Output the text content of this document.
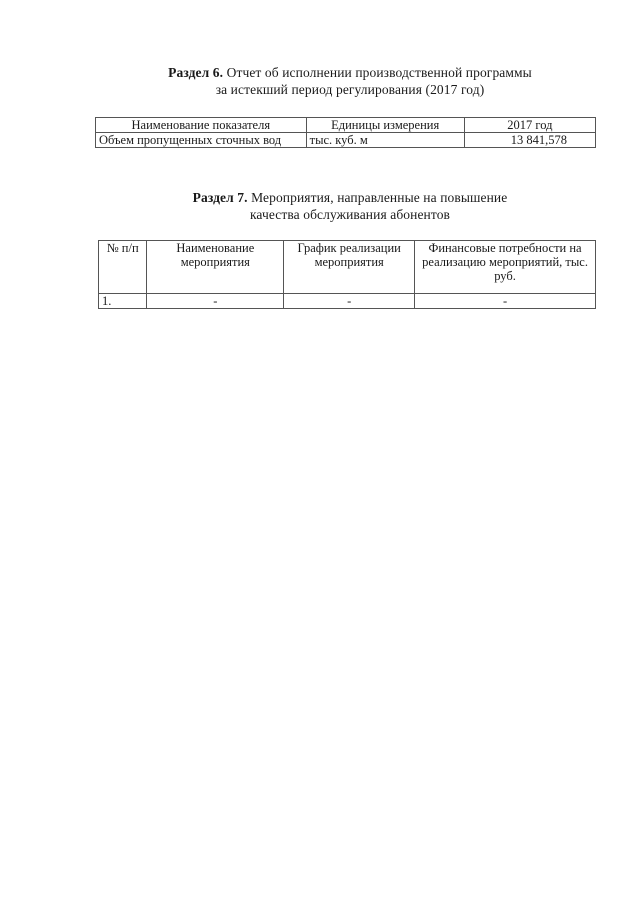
Раздел 6. Отчет об исполнении производственной программы
за истекший период регулирования (2017 год)
Наименование показателя	Единицы измерения	2017 год
Объем пропущенных сточных вод	тыс. куб. м	13 841,578
Раздел 7. Мероприятия, направленные на повышение
качества обслуживания абонентов
№ п/п	Наименование мероприятия	График реализации мероприятия	Финансовые потребности на реализацию мероприятий, тыс. руб.
1.	-	-	-
